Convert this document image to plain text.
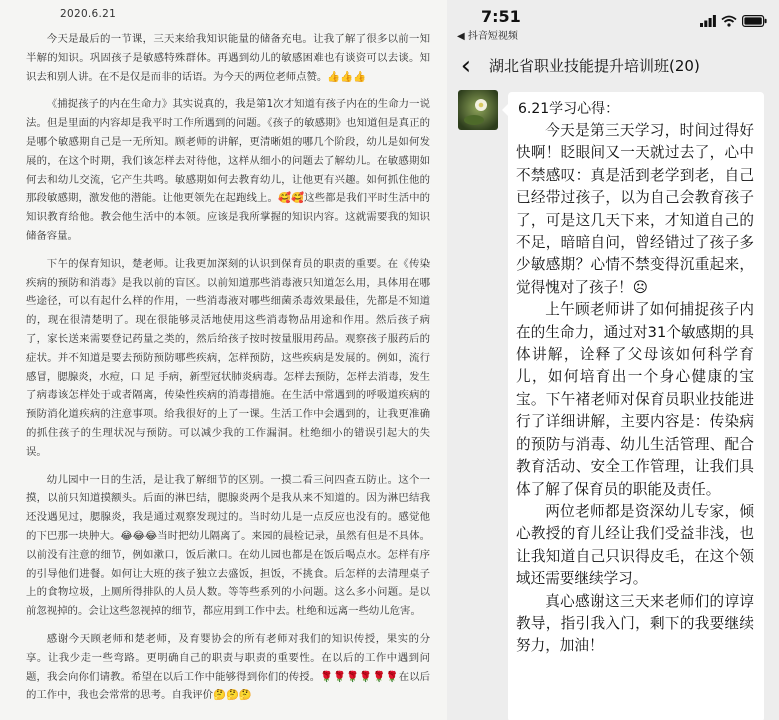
2020.6.21

今天是最后的一节课，三天来给我知识能量的储备充电。让我了解了很多以前一知半解的知识。巩固孩子是敏感特殊群体。再遇到幼儿的敏感困难也有谈资可以去谈。知识去和别人讲。在不是仅是而非的话语。为今天的两位老师点赞。👍👍👍

《捕捉孩子的内在生命力》其实说真的，我是第1次才知道有孩子内在的生命力一说法。但是里面的内容却是我平时工作所遇到的问题。《孩子的敏感期》也知道但是真正的是哪个敏感期自己是一无所知。顾老师的讲解，更清晰姐的哪几个阶段，幼儿是如何发展的，在这个时期，我们该怎样去对待他，这样从细小的问题去了解幼儿。在敏感期如何去和幼儿交流，它产生共鸣。敏感期如何去教育幼儿，让他更有兴趣。如何抓住他的那段敏感期，激发他的潜能。让他更领先在起跑线上。🥰🥰这些都是我们平时生活中的知识教育给他。教会他生活中的本领。应该是我所掌握的知识内容。这就需要我的知识储备容量。

下午的保育知识，楚老师。让我更加深刻的认识到保育员的职责的重要。在《传染疾病的预防和消毒》是我以前的盲区。以前知道那些消毒液只知道怎么用，具体用在哪些途径，可以有起什么样的作用，一些消毒液对哪些细菌杀毒效果最佳，先都是不知道的，现在很清楚明了。现在很能够灵活地使用这些消毒物品用途和作用。然后孩子病了，家长送来需要登记药量之类的，然后给孩子按时按量服用药品。观察孩子服药后的症状。并不知道是要去预防预防哪些疾病，怎样预防，这些疾病是发展的。例如，流行感冒，腮腺炎，水痘，口 足 手病，新型冠状肺炎病毒。怎样去预防，怎样去消毒，发生了病毒该怎样处于或者隔离，传染性疾病的消毒措施。在生活中常遇到的呼吸道疾病的预防消化道疾病的注意事项。给我很好的上了一课。生活工作中会遇到的，让我更准确的抓住孩子的生理状况与预防。可以减少我的工作漏洞。杜绝细小的错误引起大的失误。

幼儿园中一日的生活，是让我了解细节的区别。一摸二看三问四查五防止。这个一摸，以前只知道摸额头。后面的淋巴结，腮腺炎两个是我从来不知道的。因为淋巴结我还没遇见过，腮腺炎，我是通过观察发现过的。当时幼儿是一点反应也没有的。感觉他的下巴那一块肿大。😂😂😂当时把幼儿隔离了。来园的晨检记录，虽然有但是不具体。以前没有注意的细节，例如漱口，饭后漱口。在幼儿园也都是在饭后喝点水。怎样有序的引导他们进餐。如何让大班的孩子独立去盛饭，担饭，不挑食。后怎样的去清理桌子上的食物垃圾，上厕所得排队的人员人数。等等些系列的小问题。这么多小问题。是以前忽视掉的。会让这些忽视掉的细节，都应用到工作中去。杜绝和远离一些幼儿危害。

感谢今天顾老师和楚老师，及育婴协会的所有老师对我们的知识传授，果实的分享。让我少走一些弯路。更明确自己的职责与职责的重要性。在以后的工作中遇到问题，我会向你们请教。希望在以后工作中能够得到你们的传授。🌹🌹🌹🌹🌹🌹在以后的工作中，我也会常常的思考。自我评价🤔🤔🤔

7:51
◀ 抖音短视频

‹	湖北省职业技能提升培训班(20)
6.21学习心得：

今天是第三天学习，时间过得好快啊！眨眼间又一天就过去了，心中不禁感叹：真是活到老学到老，自己已经带过孩子，以为自己会教育孩子了，可是这几天下来，才知道自己的不足，暗暗自问，曾经错过了孩子多少敏感期？心情不禁变得沉重起来，觉得愧对了孩子！☹

上午顾老师讲了如何捕捉孩子内在的生命力，通过对31个敏感期的具体讲解，诠释了父母该如何科学育儿，如何培育出一个身心健康的宝宝。下午褚老师对保育员职业技能进行了详细讲解，主要内容是：传染病的预防与消毒、幼儿生活管理、配合教育活动、安全工作管理，让我们具体了解了保育员的职能及责任。

两位老师都是资深幼儿专家，倾心教授的育儿经让我们受益非浅，也让我知道自己只识得皮毛，在这个领域还需要继续学习。

真心感谢这三天来老师们的谆谆教导，指引我入门，剩下的我要继续努力，加油！
